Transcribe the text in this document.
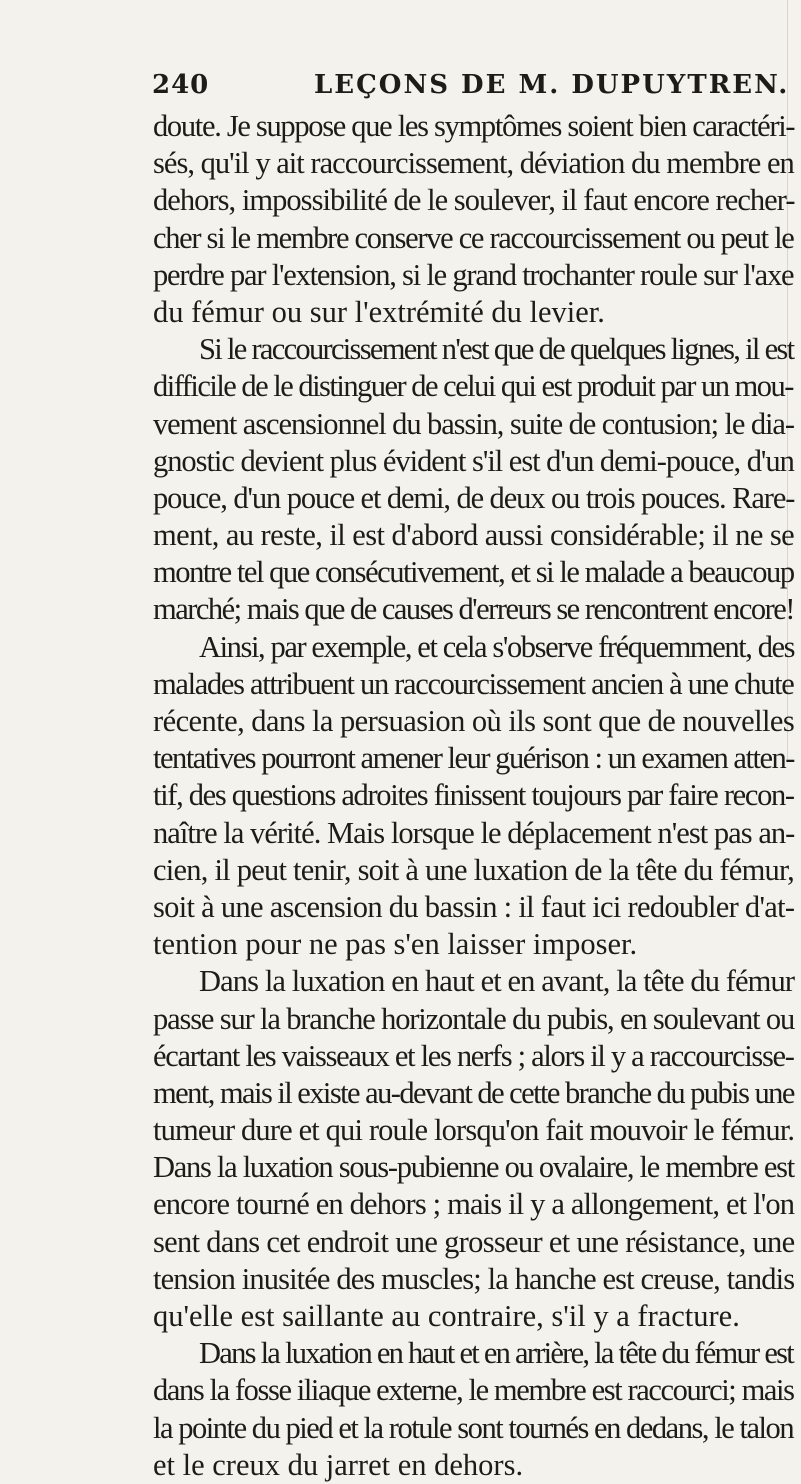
240	LEÇONS DE M. DUPUYTREN.
doute. Je suppose que les symptômes soient bien caractéri-
sés, qu'il y ait raccourcissement, déviation du membre en
dehors, impossibilité de le soulever, il faut encore recher-
cher si le membre conserve ce raccourcissement ou peut le
perdre par l'extension, si le grand trochanter roule sur l'axe
du fémur ou sur l'extrémité du levier.
Si le raccourcissement n'est que de quelques lignes, il est
difficile de le distinguer de celui qui est produit par un mou-
vement ascensionnel du bassin, suite de contusion; le dia-
gnostic devient plus évident s'il est d'un demi-pouce, d'un
pouce, d'un pouce et demi, de deux ou trois pouces. Rare-
ment, au reste, il est d'abord aussi considérable; il ne se
montre tel que consécutivement, et si le malade a beaucoup
marché; mais que de causes d'erreurs se rencontrent encore!
Ainsi, par exemple, et cela s'observe fréquemment, des
malades attribuent un raccourcissement ancien à une chute
récente, dans la persuasion où ils sont que de nouvelles
tentatives pourront amener leur guérison : un examen atten-
tif, des questions adroites finissent toujours par faire recon-
naître la vérité. Mais lorsque le déplacement n'est pas an-
cien, il peut tenir, soit à une luxation de la tête du fémur,
soit à une ascension du bassin : il faut ici redoubler d'at-
tention pour ne pas s'en laisser imposer.
Dans la luxation en haut et en avant, la tête du fémur
passe sur la branche horizontale du pubis, en soulevant ou
écartant les vaisseaux et les nerfs ; alors il y a raccourcisse-
ment, mais il existe au-devant de cette branche du pubis une
tumeur dure et qui roule lorsqu'on fait mouvoir le fémur.
Dans la luxation sous-pubienne ou ovalaire, le membre est
encore tourné en dehors ; mais il y a allongement, et l'on
sent dans cet endroit une grosseur et une résistance, une
tension inusitée des muscles; la hanche est creuse, tandis
qu'elle est saillante au contraire, s'il y a fracture.
Dans la luxation en haut et en arrière, la tête du fémur est
dans la fosse iliaque externe, le membre est raccourci; mais
la pointe du pied et la rotule sont tournés en dedans, le talon
et le creux du jarret en dehors.
